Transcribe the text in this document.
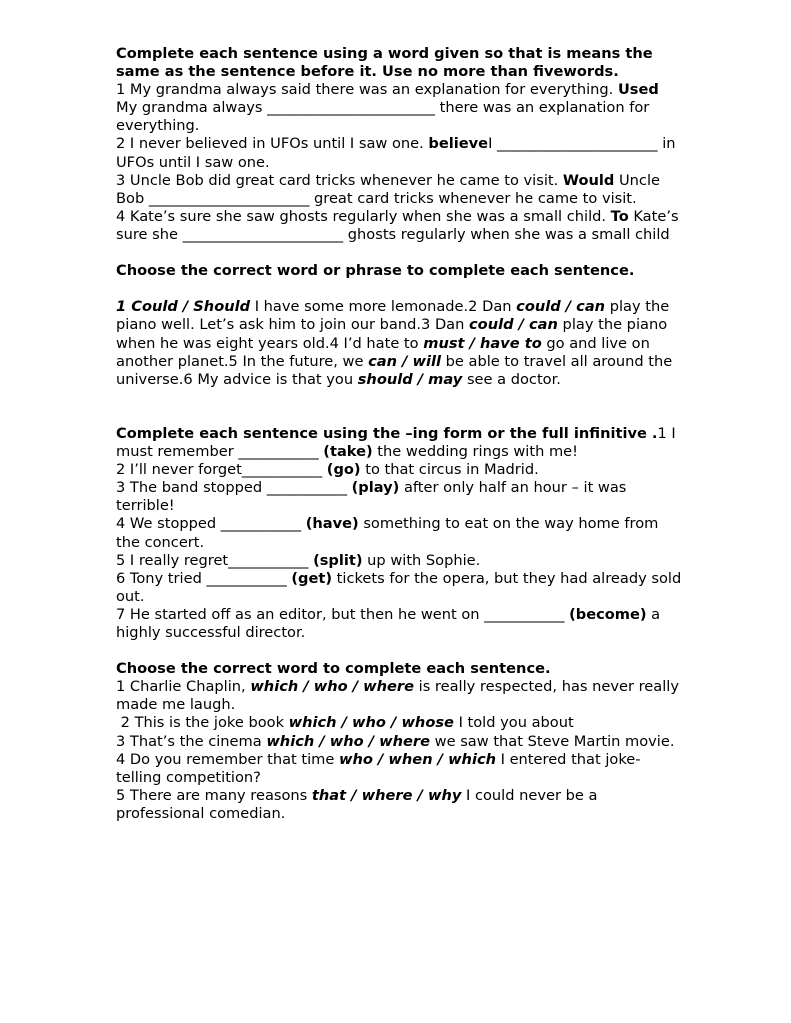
Complete each sentence using a word given so that is means the same as the sentence before it. Use no more than fivewords.

1 My grandma always said there was an explanation for everything. Used

My grandma always _______________________ there was an explanation for everything.

2 I never believed in UFOs until I saw one. believeI ______________________ in UFOs until I saw one.

3 Uncle Bob did great card tricks whenever he came to visit. Would Uncle Bob ______________________ great card tricks whenever he came to visit.

4 Kate’s sure she saw ghosts regularly when she was a small child. To Kate’s sure she ______________________ ghosts regularly when she was a small child

Choose the correct word or phrase to complete each sentence.

1 Could / Should I have some more lemonade.2 Dan could / can play the piano well. Let’s ask him to join our band.3 Dan could / can play the piano when he was eight years old.4 I’d hate to must / have to go and live on another planet.5 In the future, we can / will be able to travel all around the universe.6 My advice is that you should / may see a doctor.

Complete each sentence using the –ing form or the full infinitive .1 I must remember ___________ (take) the wedding rings with me!

2 I’ll never forget___________ (go) to that circus in Madrid.

3 The band stopped ___________ (play) after only half an hour – it was terrible!

4 We stopped ___________ (have) something to eat on the way home from the concert.

5 I really regret___________ (split) up with Sophie.

6 Tony tried ___________ (get) tickets for the opera, but they had already sold out.

7 He started off as an editor, but then he went on ___________ (become) a highly successful director.

Choose the correct word to complete each sentence.

1 Charlie Chaplin, which / who / where is really respected, has never really made me laugh.

2 This is the joke book which / who / whose I told you about

3 That’s the cinema which / who / where we saw that Steve Martin movie.

4 Do you remember that time who / when / which I entered that joke-telling competition?

5 There are many reasons that / where / why I could never be a professional comedian.
